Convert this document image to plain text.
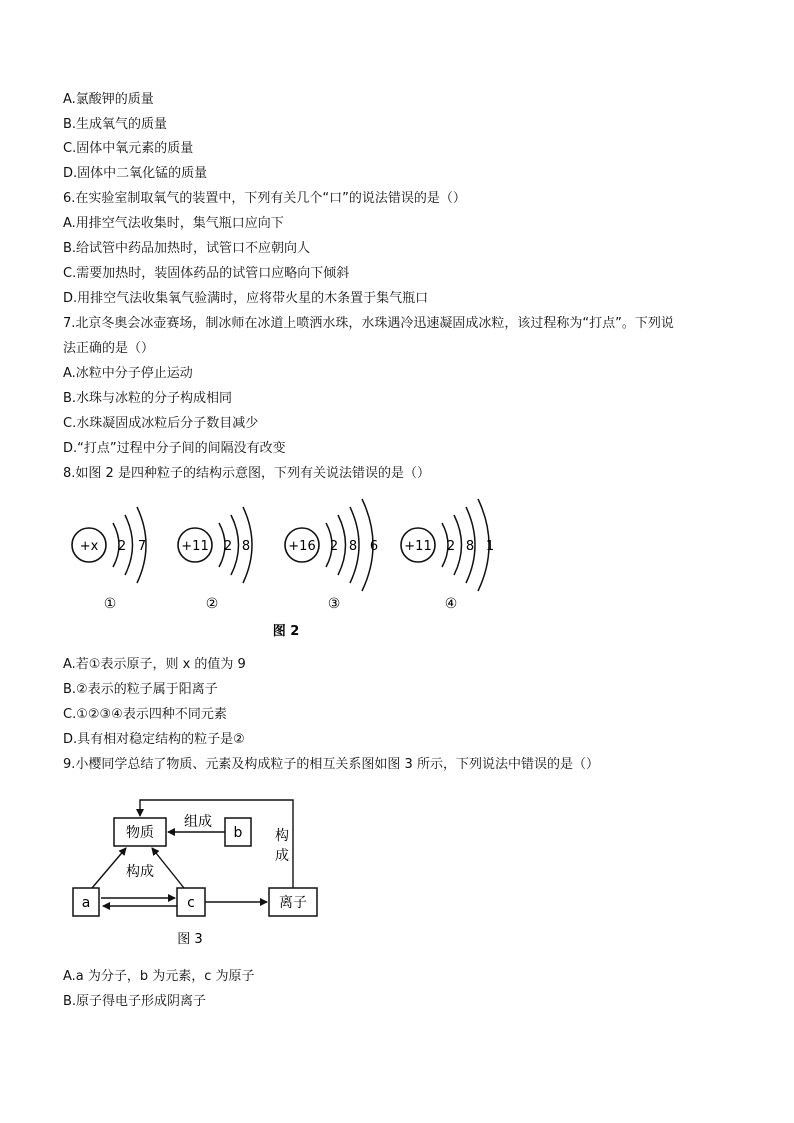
A.氯酸钾的质量
B.生成氧气的质量
C.固体中氧元素的质量
D.固体中二氧化锰的质量
6.在实验室制取氧气的装置中，下列有关几个“口”的说法错误的是（）
A.用排空气法收集时，集气瓶口应向下
B.给试管中药品加热时，试管口不应朝向人
C.需要加热时，装固体药品的试管口应略向下倾斜
D.用排空气法收集氧气验满时，应将带火星的木条置于集气瓶口
7.北京冬奥会冰壶赛场，制冰师在冰道上喷洒水珠，水珠遇冷迅速凝固成冰粒，该过程称为“打点”。下列说
法正确的是（）
A.冰粒中分子停止运动
B.水珠与冰粒的分子构成相同
C.水珠凝固成冰粒后分子数目减少
D.“打点”过程中分子间的间隔没有改变
8.如图 2 是四种粒子的结构示意图，下列有关说法错误的是（）
+x 2 7
①
+11 2 8
②
+16 2 8 6
③
+11 2 8 1
④
图 2
A.若①表示原子，则 x 的值为 9
B.②表示的粒子属于阳离子
C.①②③④表示四种不同元素
D.具有相对稳定结构的粒子是②
9.小樱同学总结了物质、元素及构成粒子的相互关系图如图 3 所示，下列说法中错误的是（）
物质	b
a	c	离子
组成
构成
构
成
图 3
A.a 为分子，b 为元素，c 为原子
B.原子得电子形成阴离子
